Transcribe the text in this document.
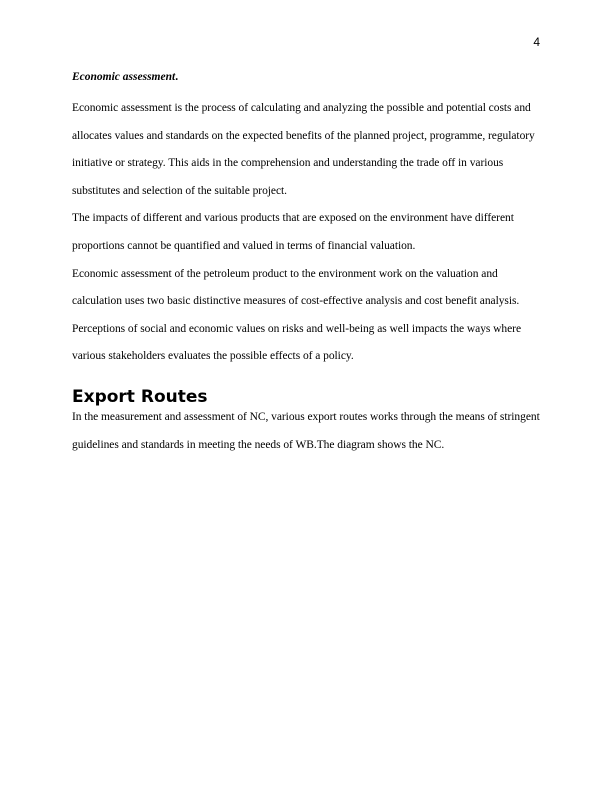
4

Economic assessment.

Economic assessment is the process of calculating and analyzing the possible and potential costs and allocates values and standards on the expected benefits of the planned project, programme, regulatory initiative or strategy. This aids in the comprehension and understanding the trade off in various substitutes and selection of the suitable project.

The impacts of different and various products that are exposed on the environment have different proportions cannot be quantified and valued in terms of financial valuation.

Economic assessment of the petroleum product to the environment work on the valuation and calculation uses two basic distinctive measures of cost-effective analysis and cost benefit analysis. Perceptions of social and economic values on risks and well-being as well impacts the ways where various stakeholders evaluates the possible effects of a policy.

Export Routes

In the measurement and assessment of NC, various export routes works through the means of stringent guidelines and standards in meeting the needs of WB.The diagram shows the NC.
